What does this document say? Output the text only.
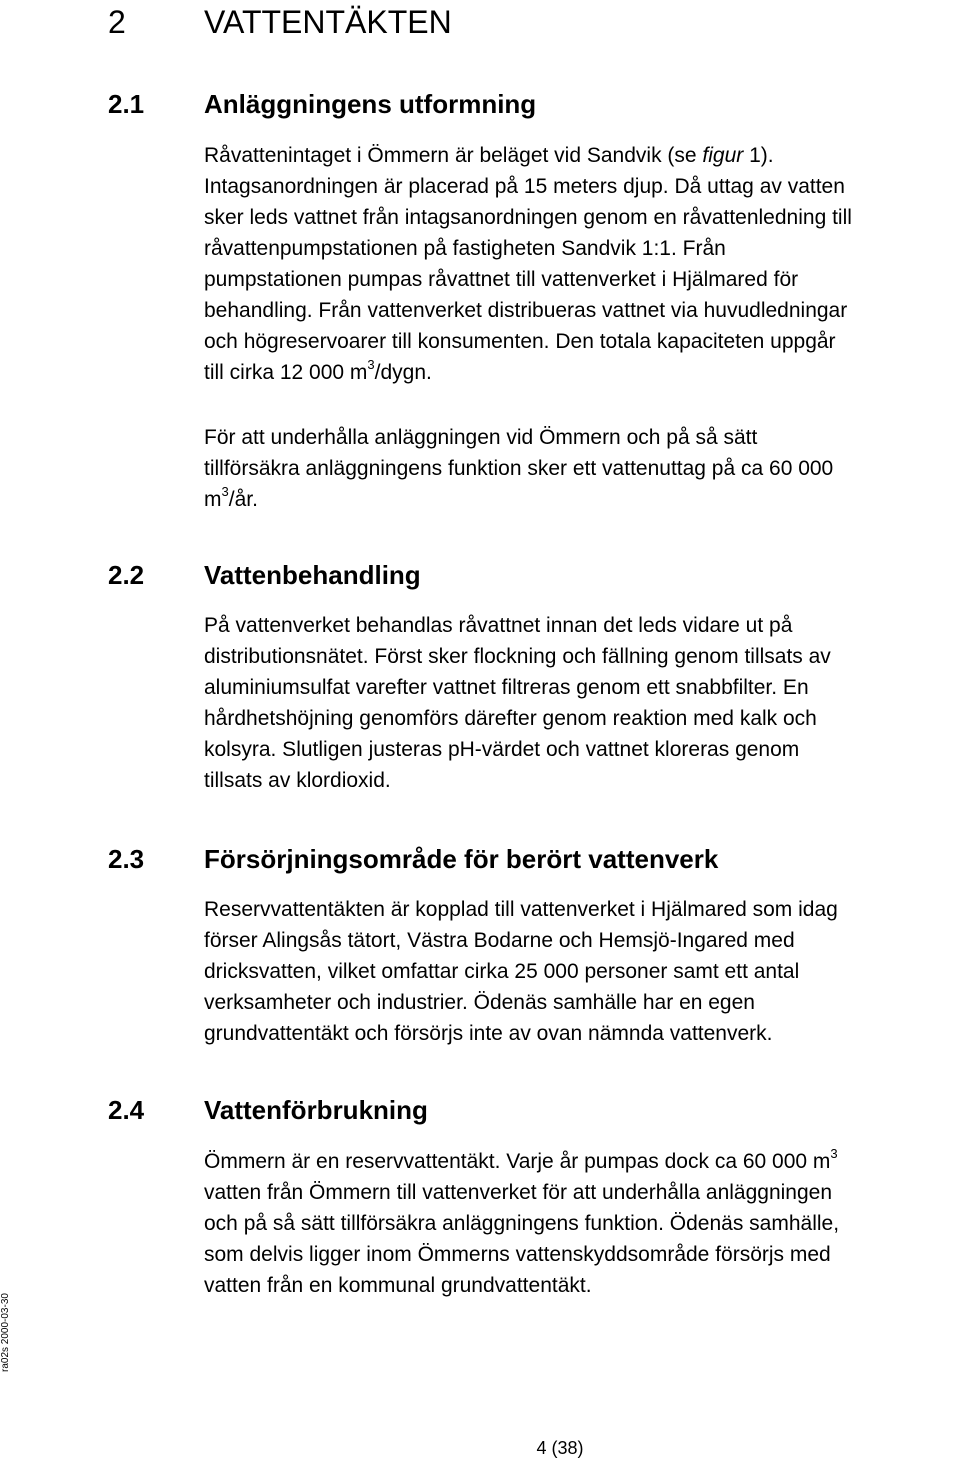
2 VATTENTÄKTEN
2.1 Anläggningens utformning

Råvattenintaget i Ömmern är beläget vid Sandvik (se figur 1).
Intagsanordningen är placerad på 15 meters djup. Då uttag av vatten
sker leds vattnet från intagsanordningen genom en råvattenledning till
råvattenpumpstationen på fastigheten Sandvik 1:1. Från
pumpstationen pumpas råvattnet till vattenverket i Hjälmared för
behandling. Från vattenverket distribueras vattnet via huvudledningar
och högreservoarer till konsumenten. Den totala kapaciteten uppgår
till cirka 12 000 $m^3$/dygn.

För att underhålla anläggningen vid Ömmern och på så sätt
tillförsäkra anläggningens funktion sker ett vattenuttag på ca 60 000
$m^3/år$.

2.2 Vattenbehandling

På vattenverket behandlas råvattnet innan det leds vidare ut på
distributionsnätet. Först sker flockning och fällning genom tillsats av
aluminiumsulfat varefter vattnet filtreras genom ett snabbfilter. En
hårdhetshöjning genomförs därefter genom reaktion med kalk och
kolsyra. Slutligen justeras pH-värdet och vattnet kloreras genom
tillsats av klordioxid.

2.3 Försörjningsområde för berört vattenverk

Reservvattentäkten är kopplad till vattenverket i Hjälmared som idag
förser Alingsås tätort, Västra Bodarne och Hemsjö-Ingared med
dricksvatten, vilket omfattar cirka 25 000 personer samt ett antal
verksamheter och industrier. Ödenäs samhälle har en egen
grundvattentäkt och försörjs inte av ovan nämnda vattenverk.

2.4 Vattenförbrukning

Ömmern är en reservvattentäkt. Varje år pumpas dock ca 60 000 $m^3$
vatten från Ömmern till vattenverket för att underhålla anläggningen
och på så sätt tillförsäkra anläggningens funktion. Ödenäs samhälle,
som delvis ligger inom Ömmerns vattenskyddsområde försörjs med
vatten från en kommunal grundvattentäkt.

ra02s 2000-03-30
4 (38)
